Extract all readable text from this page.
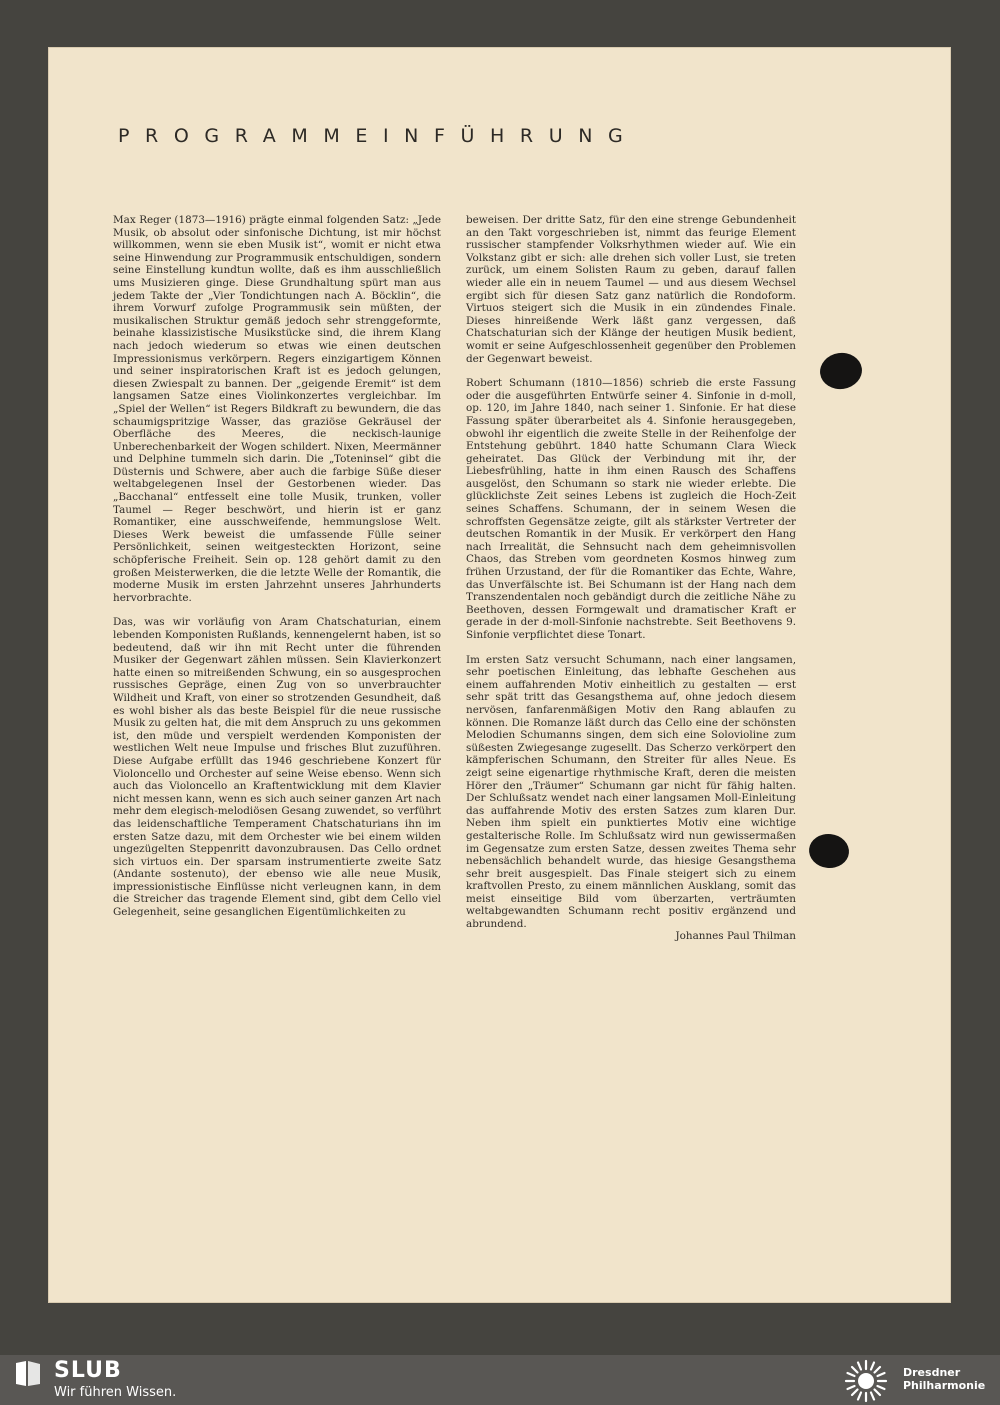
PROGRAMMEINFÜHRUNG

Max Reger (1873—1916) prägte einmal folgenden Satz: „Jede Musik, ob absolut oder sinfonische Dichtung, ist mir höchst willkommen, wenn sie eben Musik ist“, womit er nicht etwa seine Hinwendung zur Programmusik entschuldigen, sondern seine Einstellung kundtun wollte, daß es ihm ausschließlich ums Musizieren ginge. Diese Grundhaltung spürt man aus jedem Takte der „Vier Tondichtungen nach A. Böcklin“, die ihrem Vorwurf zufolge Programmusik sein müßten, der musikalischen Struktur gemäß jedoch sehr strenggeformte, beinahe klassizistische Musikstücke sind, die ihrem Klang nach jedoch wiederum so etwas wie einen deutschen Impressionismus verkörpern. Regers einzigartigem Können und seiner inspiratorischen Kraft ist es jedoch gelungen, diesen Zwiespalt zu bannen. Der „geigende Eremit“ ist dem langsamen Satze eines Violinkonzertes vergleichbar. Im „Spiel der Wellen“ ist Regers Bildkraft zu bewundern, die das schaumigspritzige Wasser, das graziöse Gekräusel der Oberfläche des Meeres, die neckisch-launige Unberechenbarkeit der Wogen schildert. Nixen, Meermänner und Delphine tummeln sich darin. Die „Toteninsel“ gibt die Düsternis und Schwere, aber auch die farbige Süße dieser weltabgelegenen Insel der Gestorbenen wieder. Das „Bacchanal“ entfesselt eine tolle Musik, trunken, voller Taumel — Reger beschwört, und hierin ist er ganz Romantiker, eine ausschweifende, hemmungslose Welt. Dieses Werk beweist die umfassende Fülle seiner Persönlichkeit, seinen weitgesteckten Horizont, seine schöpferische Freiheit. Sein op. 128 gehört damit zu den großen Meisterwerken, die die letzte Welle der Romantik, die moderne Musik im ersten Jahrzehnt unseres Jahrhunderts hervorbrachte.

Das, was wir vorläufig von Aram Chatschaturian, einem lebenden Komponisten Rußlands, kennengelernt haben, ist so bedeutend, daß wir ihn mit Recht unter die führenden Musiker der Gegenwart zählen müssen. Sein Klavierkonzert hatte einen so mitreißenden Schwung, ein so ausgesprochen russisches Gepräge, einen Zug von so unverbrauchter Wildheit und Kraft, von einer so strotzenden Gesundheit, daß es wohl bisher als das beste Beispiel für die neue russische Musik zu gelten hat, die mit dem Anspruch zu uns gekommen ist, den müde und verspielt werdenden Komponisten der westlichen Welt neue Impulse und frisches Blut zuzuführen. Diese Aufgabe erfüllt das 1946 geschriebene Konzert für Violoncello und Orchester auf seine Weise ebenso. Wenn sich auch das Violoncello an Kraftentwicklung mit dem Klavier nicht messen kann, wenn es sich auch seiner ganzen Art nach mehr dem elegisch-melodiösen Gesang zuwendet, so verführt das leidenschaftliche Temperament Chatschaturians ihn im ersten Satze dazu, mit dem Orchester wie bei einem wilden ungezügelten Steppenritt davonzubrausen. Das Cello ordnet sich virtuos ein. Der sparsam instrumentierte zweite Satz (Andante sostenuto), der ebenso wie alle neue Musik, impressionistische Einflüsse nicht verleugnen kann, in dem die Streicher das tragende Element sind, gibt dem Cello viel Gelegenheit, seine gesanglichen Eigentümlichkeiten zu

beweisen. Der dritte Satz, für den eine strenge Gebundenheit an den Takt vorgeschrieben ist, nimmt das feurige Element russischer stampfender Volksrhythmen wieder auf. Wie ein Volkstanz gibt er sich: alle drehen sich voller Lust, sie treten zurück, um einem Solisten Raum zu geben, darauf fallen wieder alle ein in neuem Taumel — und aus diesem Wechsel ergibt sich für diesen Satz ganz natürlich die Rondoform. Virtuos steigert sich die Musik in ein zündendes Finale. Dieses hinreißende Werk läßt ganz vergessen, daß Chatschaturian sich der Klänge der heutigen Musik bedient, womit er seine Aufgeschlossenheit gegenüber den Problemen der Gegenwart beweist.

Robert Schumann (1810—1856) schrieb die erste Fassung oder die ausgeführten Entwürfe seiner 4. Sinfonie in d-moll, op. 120, im Jahre 1840, nach seiner 1. Sinfonie. Er hat diese Fassung später überarbeitet als 4. Sinfonie herausgegeben, obwohl ihr eigentlich die zweite Stelle in der Reihenfolge der Entstehung gebührt. 1840 hatte Schumann Clara Wieck geheiratet. Das Glück der Verbindung mit ihr, der Liebesfrühling, hatte in ihm einen Rausch des Schaffens ausgelöst, den Schumann so stark nie wieder erlebte. Die glücklichste Zeit seines Lebens ist zugleich die Hoch-Zeit seines Schaffens. Schumann, der in seinem Wesen die schroffsten Gegensätze zeigte, gilt als stärkster Vertreter der deutschen Romantik in der Musik. Er verkörpert den Hang nach Irrealität, die Sehnsucht nach dem geheimnisvollen Chaos, das Streben vom geordneten Kosmos hinweg zum frühen Urzustand, der für die Romantiker das Echte, Wahre, das Unverfälschte ist. Bei Schumann ist der Hang nach dem Transzendentalen noch gebändigt durch die zeitliche Nähe zu Beethoven, dessen Formgewalt und dramatischer Kraft er gerade in der d-moll-Sinfonie nachstrebte. Seit Beethovens 9. Sinfonie verpflichtet diese Tonart.

Im ersten Satz versucht Schumann, nach einer langsamen, sehr poetischen Einleitung, das lebhafte Geschehen aus einem auffahrenden Motiv einheitlich zu gestalten — erst sehr spät tritt das Gesangsthema auf, ohne jedoch diesem nervösen, fanfarenmäßigen Motiv den Rang ablaufen zu können. Die Romanze läßt durch das Cello eine der schönsten Melodien Schumanns singen, dem sich eine Solovioline zum süßesten Zwiegesange zugesellt. Das Scherzo verkörpert den kämpferischen Schumann, den Streiter für alles Neue. Es zeigt seine eigenartige rhythmische Kraft, deren die meisten Hörer den „Träumer“ Schumann gar nicht für fähig halten. Der Schlußsatz wendet nach einer langsamen Moll-Einleitung das auffahrende Motiv des ersten Satzes zum klaren Dur. Neben ihm spielt ein punktiertes Motiv eine wichtige gestalterische Rolle. Im Schlußsatz wird nun gewissermaßen im Gegensatze zum ersten Satze, dessen zweites Thema sehr nebensächlich behandelt wurde, das hiesige Gesangsthema sehr breit ausgespielt. Das Finale steigert sich zu einem kraftvollen Presto, zu einem männlichen Ausklang, somit das meist einseitige Bild vom überzarten, verträumten weltabgewandten Schumann recht positiv ergänzend und abrundend.

Johannes Paul Thilman
SLUB
Wir führen Wissen.
Dresdner
Philharmonie
